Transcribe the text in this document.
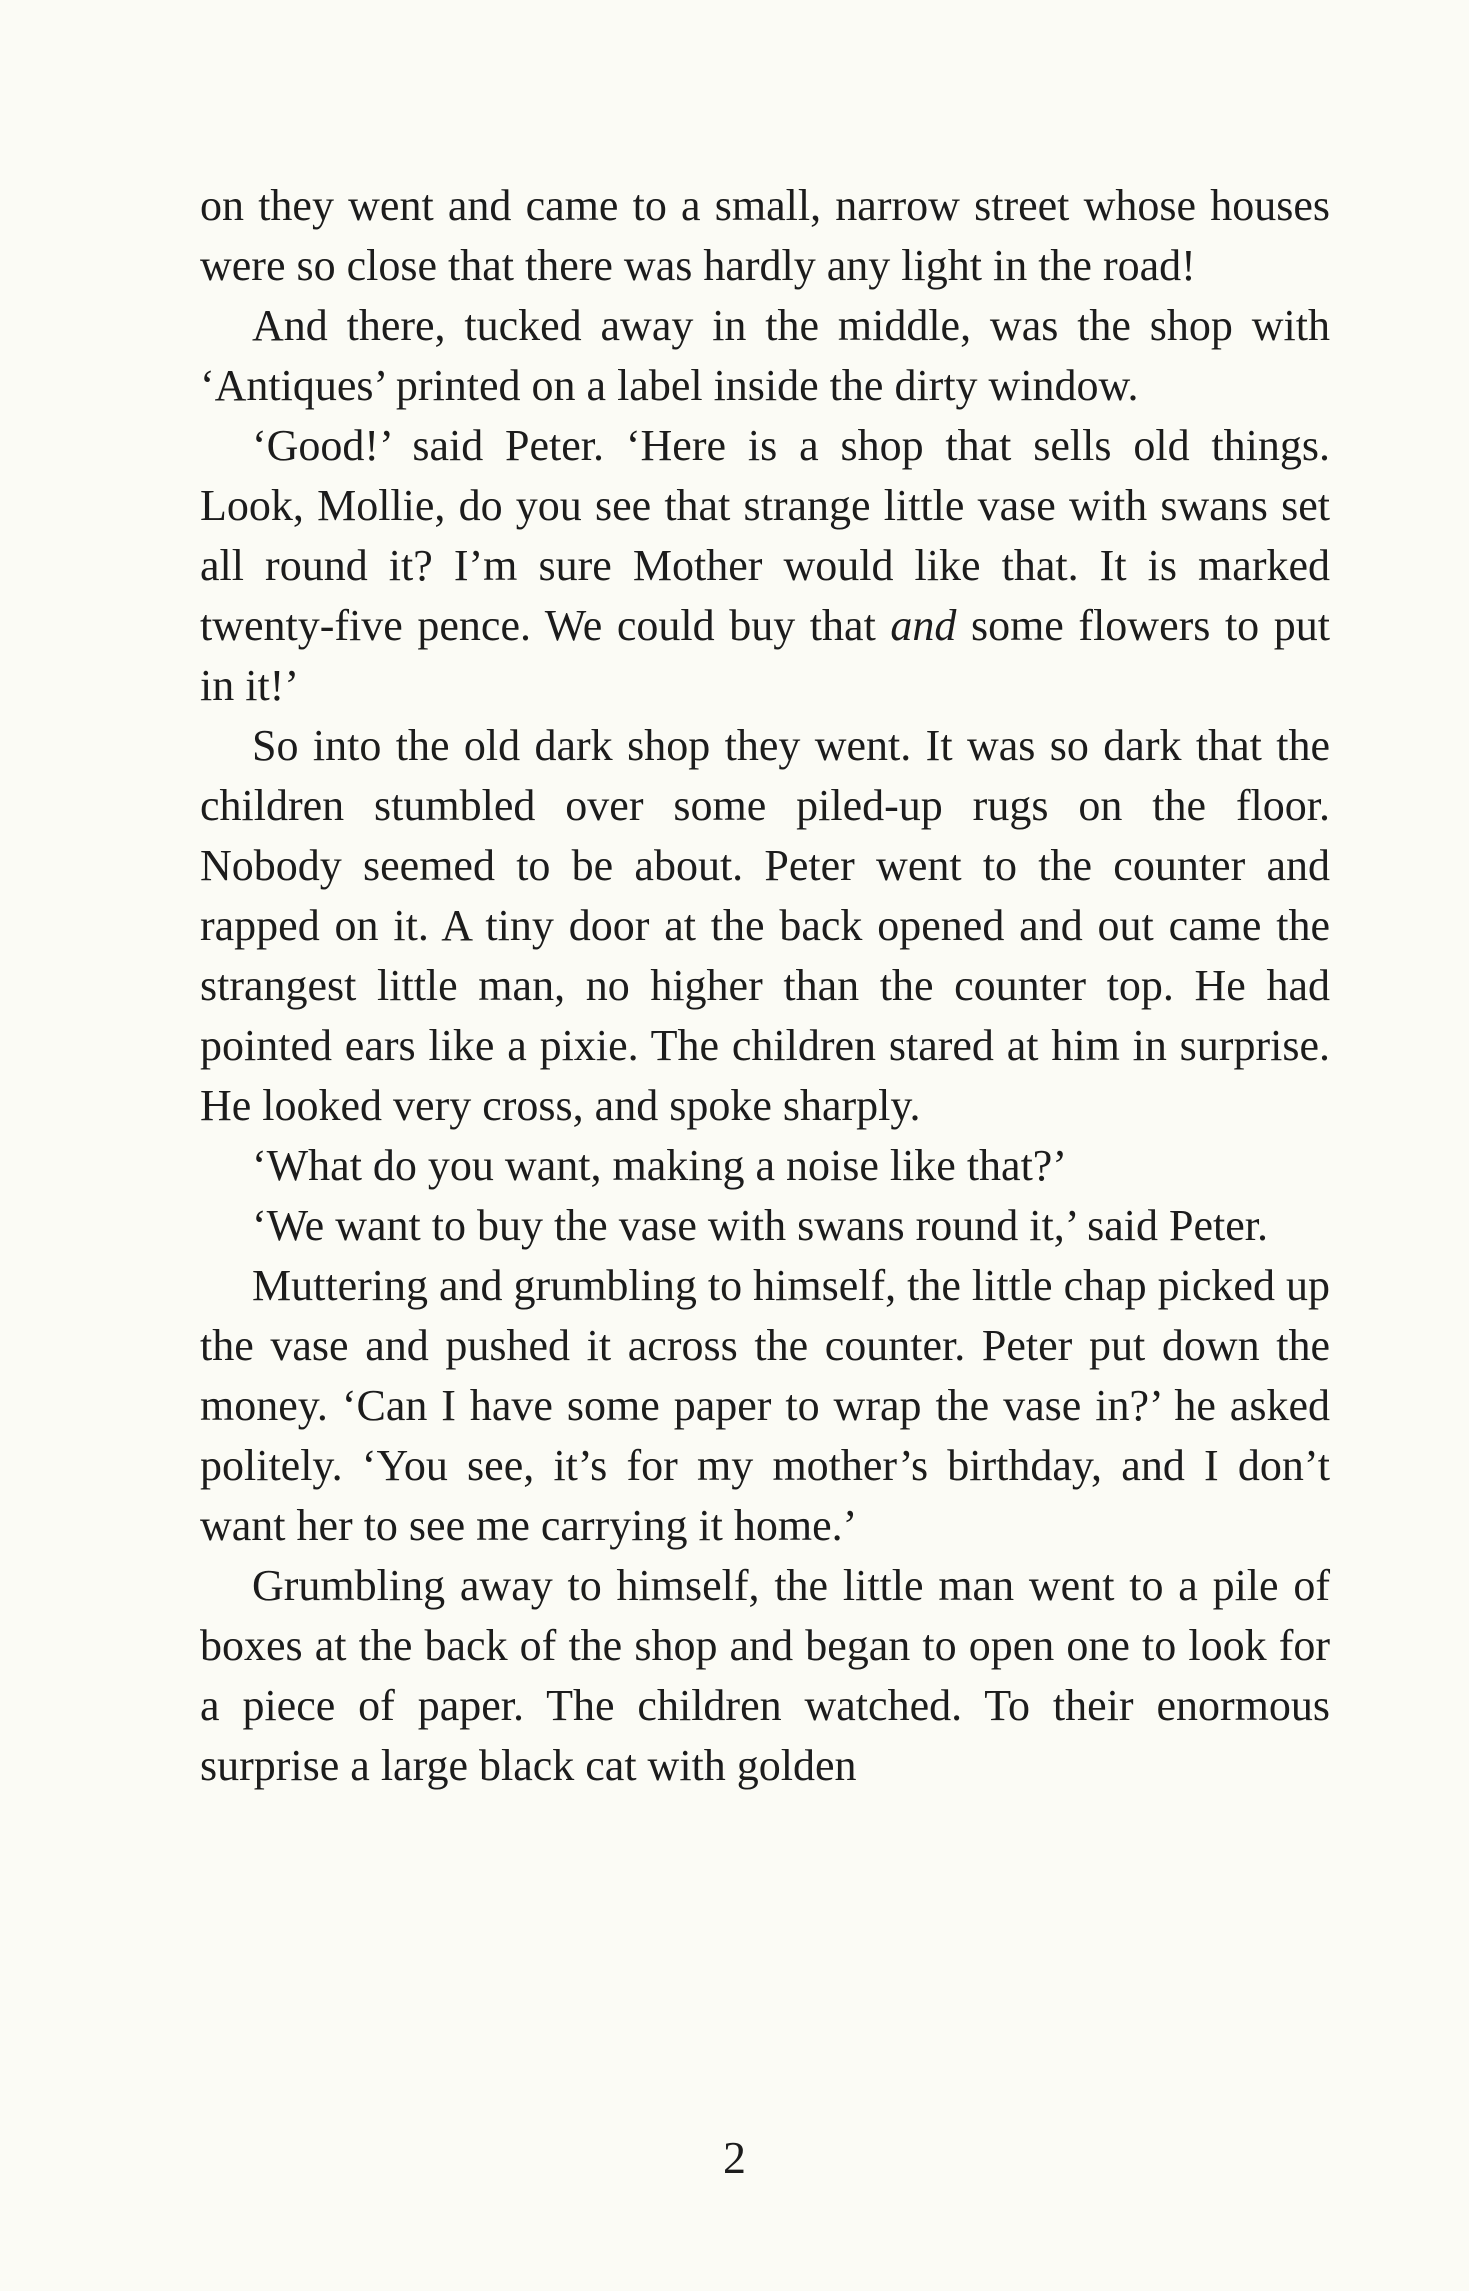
on they went and came to a small, narrow street whose houses were so close that there was hardly any light in the road!

And there, tucked away in the middle, was the shop with ‘Antiques’ printed on a label inside the dirty window.

‘Good!’ said Peter. ‘Here is a shop that sells old things. Look, Mollie, do you see that strange little vase with swans set all round it? I’m sure Mother would like that. It is marked twenty-five pence. We could buy that and some flowers to put in it!’

So into the old dark shop they went. It was so dark that the children stumbled over some piled-up rugs on the floor. Nobody seemed to be about. Peter went to the counter and rapped on it. A tiny door at the back opened and out came the strangest little man, no higher than the counter top. He had pointed ears like a pixie. The children stared at him in surprise. He looked very cross, and spoke sharply.

‘What do you want, making a noise like that?’

‘We want to buy the vase with swans round it,’ said Peter.

Muttering and grumbling to himself, the little chap picked up the vase and pushed it across the counter. Peter put down the money. ‘Can I have some paper to wrap the vase in?’ he asked politely. ‘You see, it’s for my mother’s birthday, and I don’t want her to see me carrying it home.’

Grumbling away to himself, the little man went to a pile of boxes at the back of the shop and began to open one to look for a piece of paper. The children watched. To their enormous surprise a large black cat with golden

2
